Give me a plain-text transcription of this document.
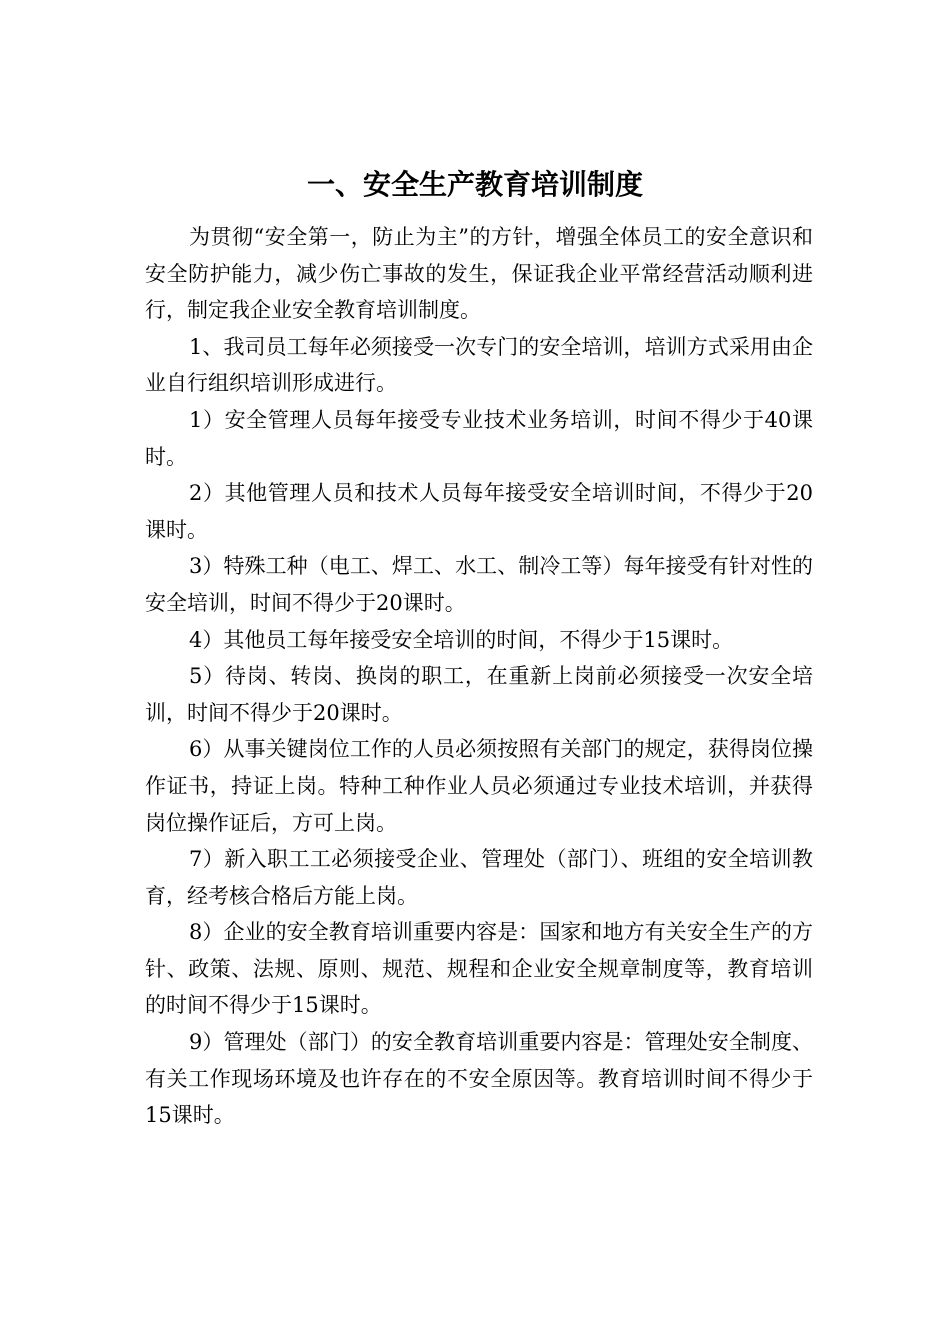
一、安全生产教育培训制度

为贯彻“安全第一，防止为主”的方针，增强全体员工的安全意识和安全防护能力，减少伤亡事故的发生，保证我企业平常经营活动顺利进行，制定我企业安全教育培训制度。

1、我司员工每年必须接受一次专门的安全培训，培训方式采用由企业自行组织培训形成进行。

1）安全管理人员每年接受专业技术业务培训，时间不得少于40课时。

2）其他管理人员和技术人员每年接受安全培训时间，不得少于20课时。

3）特殊工种（电工、焊工、水工、制冷工等）每年接受有针对性的安全培训，时间不得少于20课时。

4）其他员工每年接受安全培训的时间，不得少于15课时。

5）待岗、转岗、换岗的职工，在重新上岗前必须接受一次安全培训，时间不得少于20课时。

6）从事关键岗位工作的人员必须按照有关部门的规定，获得岗位操作证书，持证上岗。特种工种作业人员必须通过专业技术培训，并获得岗位操作证后，方可上岗。

7）新入职工工必须接受企业、管理处（部门）、班组的安全培训教育，经考核合格后方能上岗。

8）企业的安全教育培训重要内容是：国家和地方有关安全生产的方针、政策、法规、原则、规范、规程和企业安全规章制度等，教育培训的时间不得少于15课时。

9）管理处（部门）的安全教育培训重要内容是：管理处安全制度、有关工作现场环境及也许存在的不安全原因等。教育培训时间不得少于15课时。
